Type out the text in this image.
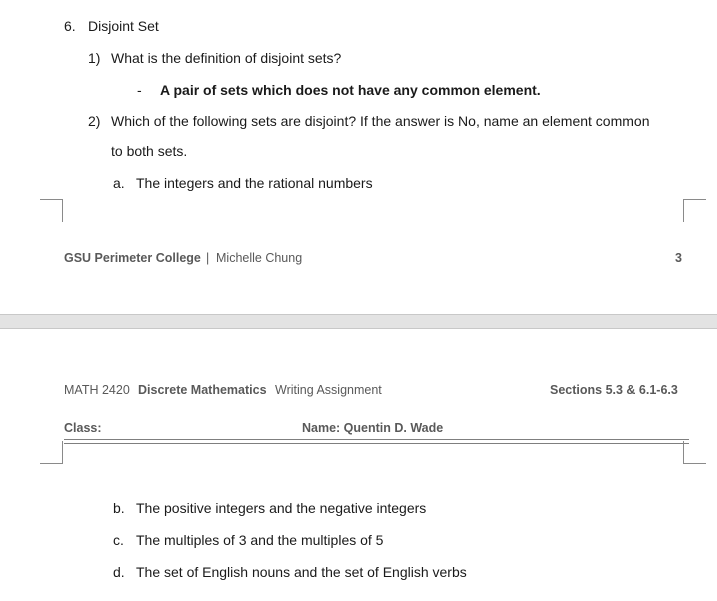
6. Disjoint Set
1) What is the definition of disjoint sets?
- A pair of sets which does not have any common element.
2) Which of the following sets are disjoint? If the answer is No, name an element common
to both sets.
a. The integers and the rational numbers
GSU Perimeter College | Michelle Chung	3
MATH 2420 Discrete Mathematics Writing Assignment	Sections 5.3 & 6.1-6.3
Class:	Name: Quentin D. Wade
b. The positive integers and the negative integers
c. The multiples of 3 and the multiples of 5
d. The set of English nouns and the set of English verbs
